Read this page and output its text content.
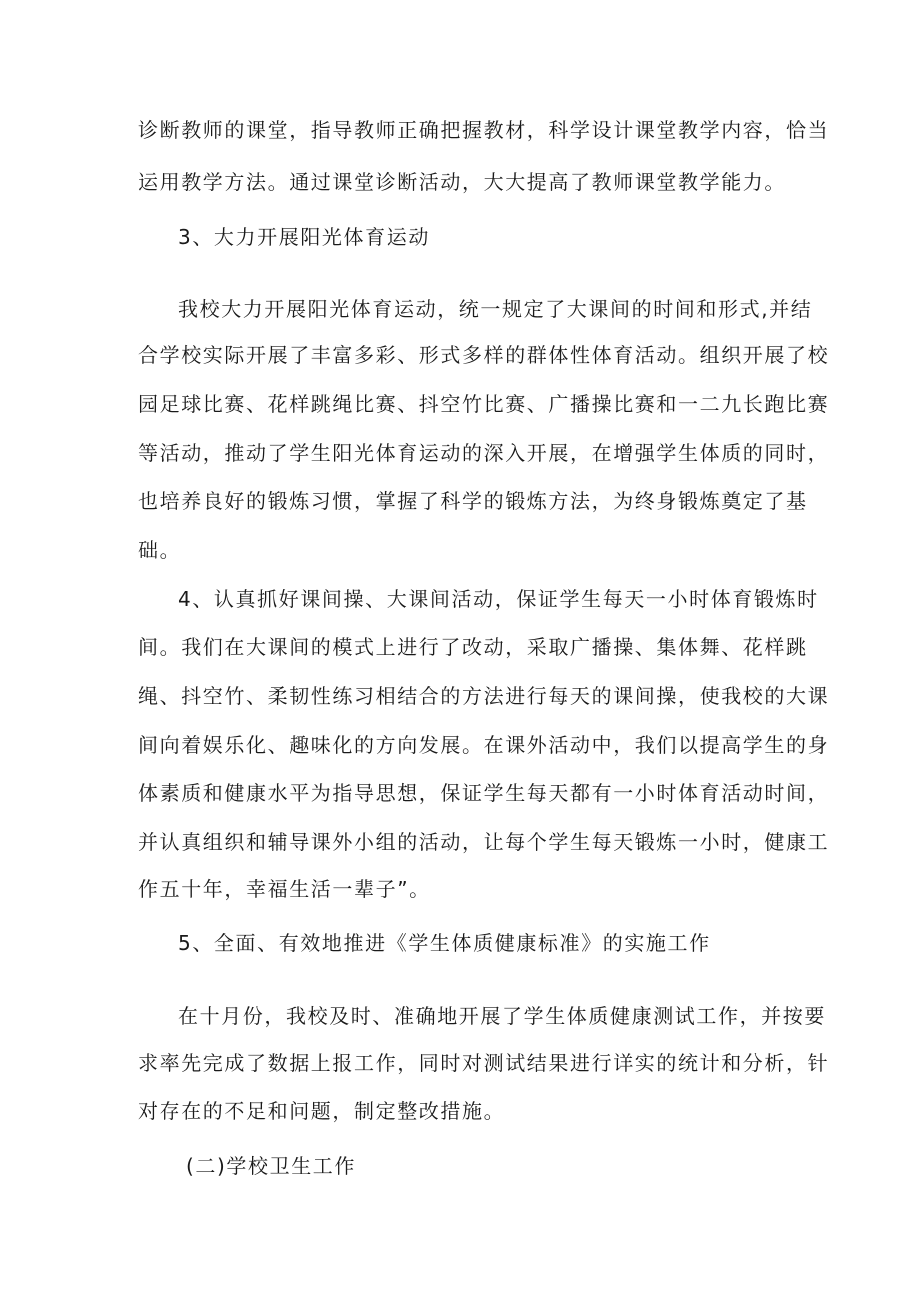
诊断教师的课堂，指导教师正确把握教材，科学设计课堂教学内容，恰当
运用教学方法。通过课堂诊断活动，大大提高了教师课堂教学能力。
3、大力开展阳光体育运动
我校大力开展阳光体育运动，统一规定了大课间的时间和形式,并结
合学校实际开展了丰富多彩、形式多样的群体性体育活动。组织开展了校
园足球比赛、花样跳绳比赛、抖空竹比赛、广播操比赛和一二九长跑比赛
等活动，推动了学生阳光体育运动的深入开展，在增强学生体质的同时，
也培养良好的锻炼习惯，掌握了科学的锻炼方法，为终身锻炼奠定了基
础。
4、认真抓好课间操、大课间活动，保证学生每天一小时体育锻炼时
间。我们在大课间的模式上进行了改动，采取广播操、集体舞、花样跳
绳、抖空竹、柔韧性练习相结合的方法进行每天的课间操，使我校的大课
间向着娱乐化、趣味化的方向发展。在课外活动中，我们以提高学生的身
体素质和健康水平为指导思想，保证学生每天都有一小时体育活动时间，
并认真组织和辅导课外小组的活动，让每个学生每天锻炼一小时，健康工
作五十年，幸福生活一辈子”。
5、全面、有效地推进《学生体质健康标准》的实施工作
在十月份，我校及时、准确地开展了学生体质健康测试工作，并按要
求率先完成了数据上报工作，同时对测试结果进行详实的统计和分析，针
对存在的不足和问题，制定整改措施。
(二)学校卫生工作
